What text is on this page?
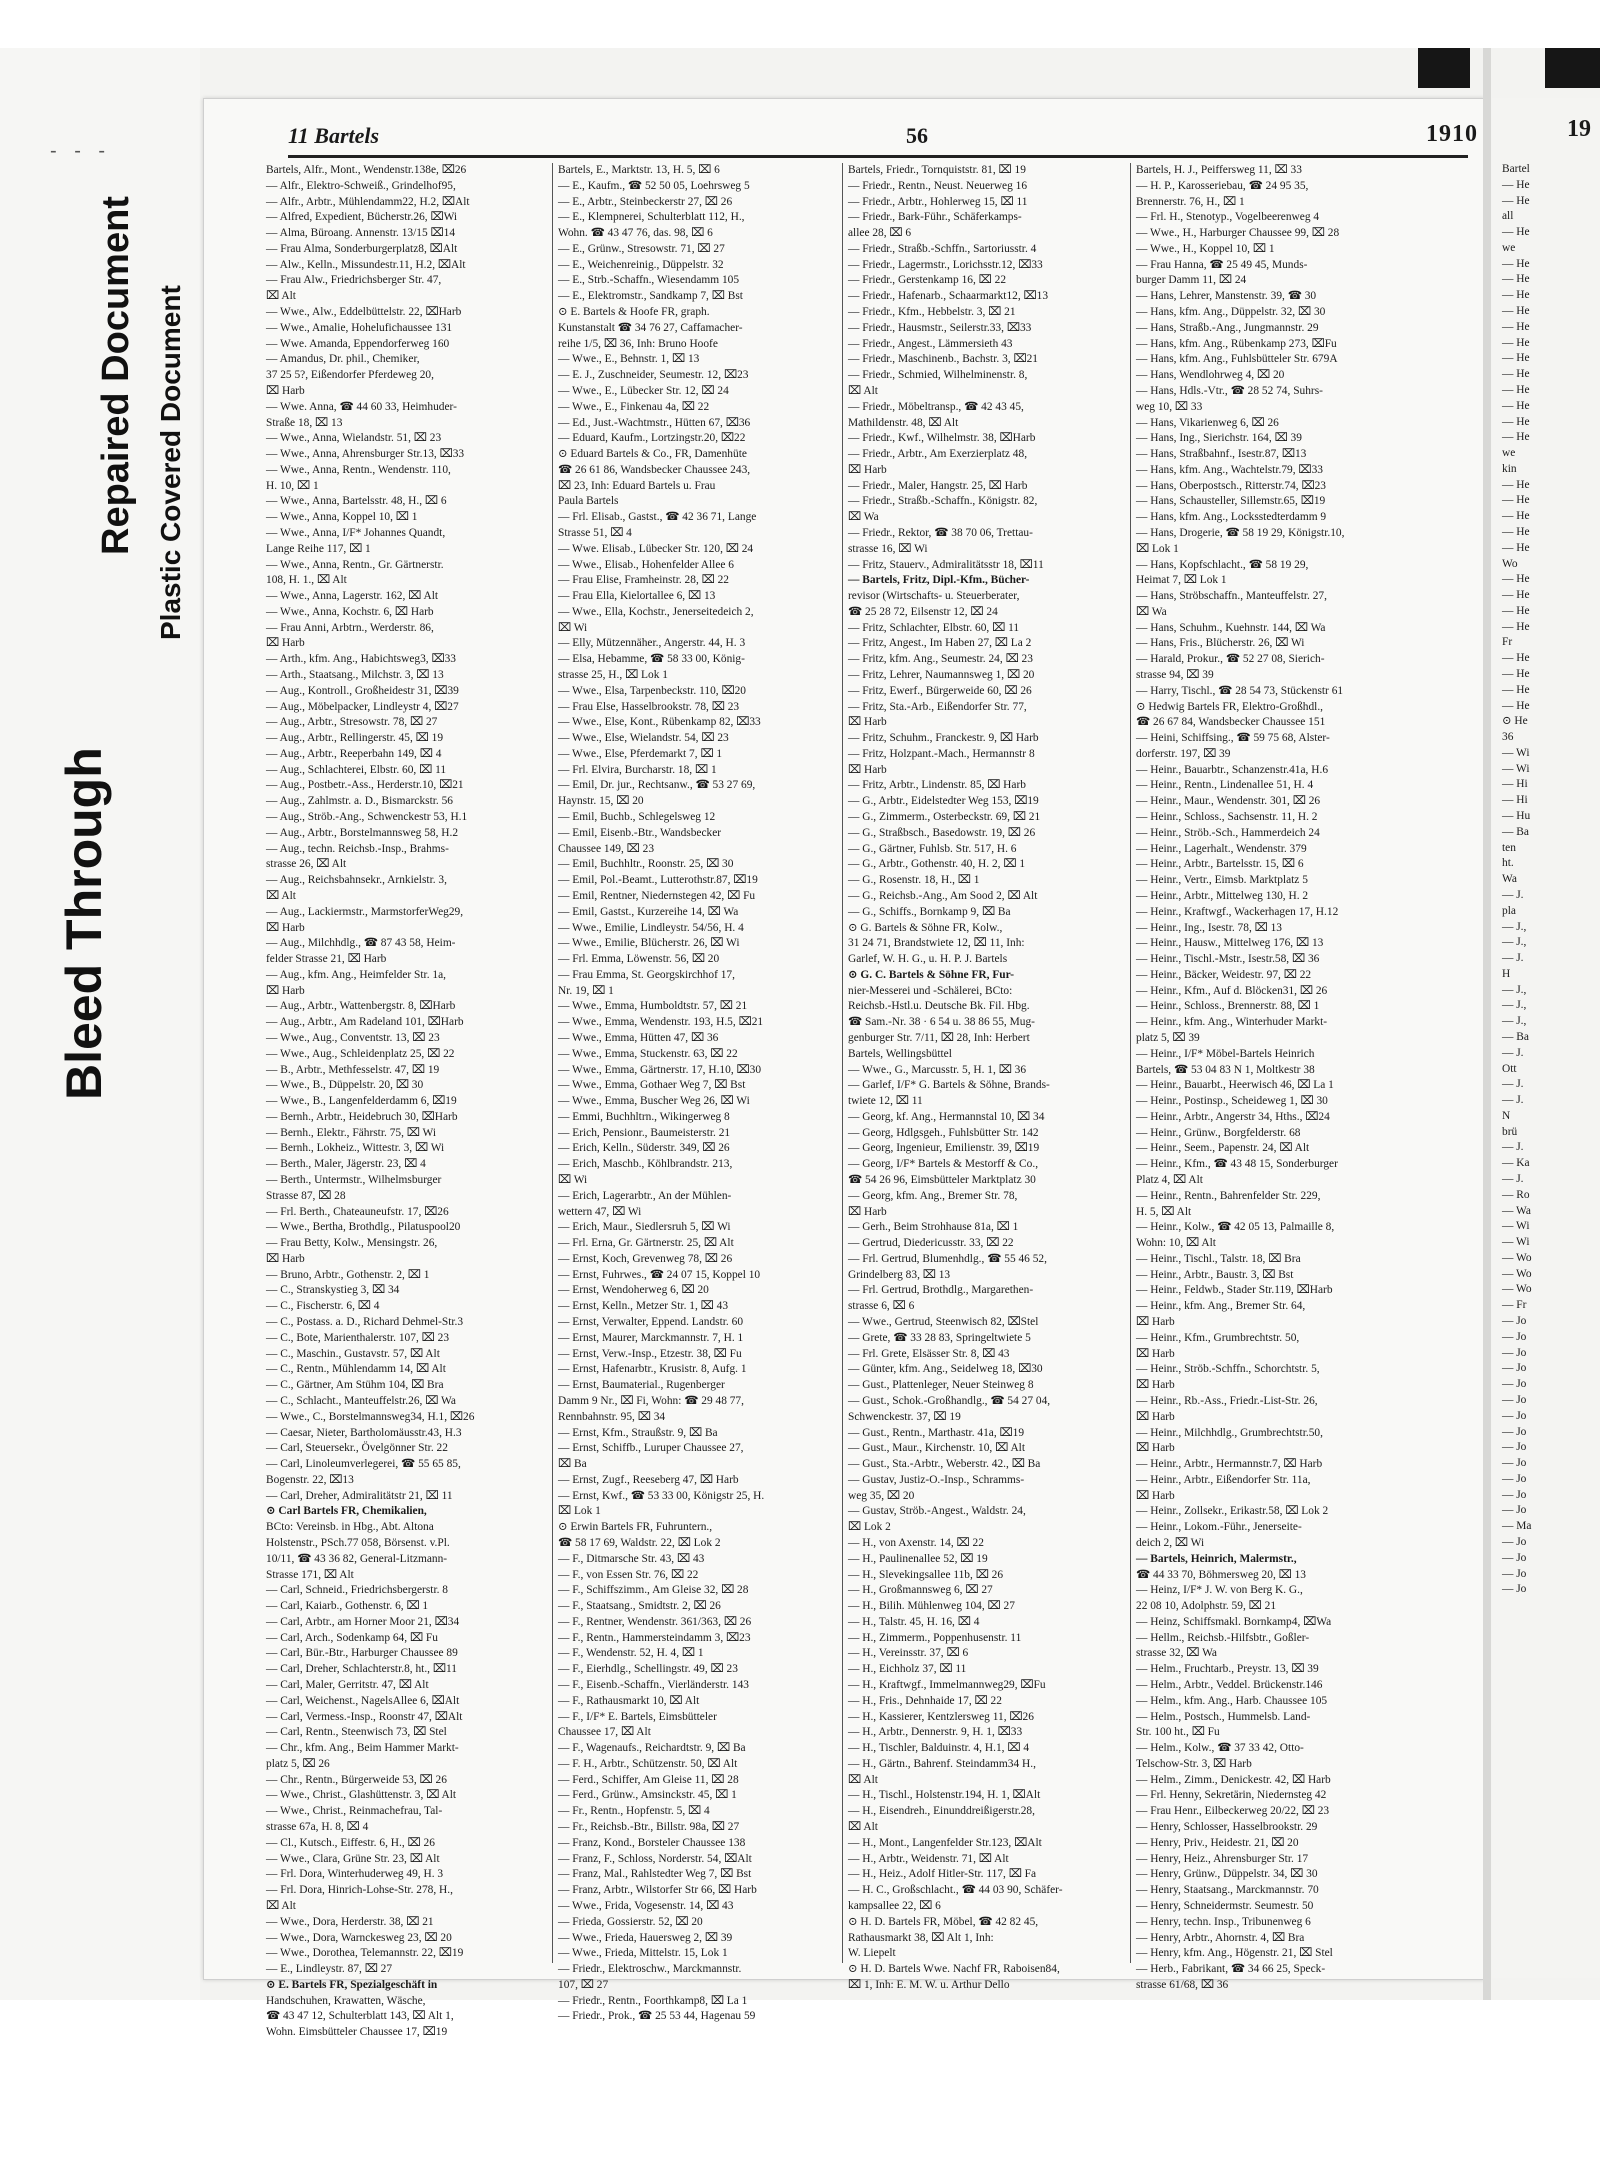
- - -
Bleed Through
Repaired Document Plastic Covered Document
11 Bartels	56	1910
Bartels, Alfr., Mont., Wendenstr.138e, ⌧26
— Alfr., Elektro-Schweiß., Grindelhof95,
— Alfr., Arbtr., Mühlendamm22, H.2, ⌧Alt
— Alfred, Expedient, Bücherstr.26, ⌧Wi
— Alma, Büroang. Annenstr. 13/15 ⌧14
— Frau Alma, Sonderburgerplatz8, ⌧Alt
— Alw., Kelln., Missundestr.11, H.2, ⌧Alt
— Frau Alw., Friedrichsberger Str. 47,
⌧ Alt
— Wwe., Alw., Eddelbüttelstr. 22, ⌧Harb
— Wwe., Amalie, Hohelufichaussee 131
— Wwe. Amanda, Eppendorferweg 160
— Amandus, Dr. phil., Chemiker,
37 25 5?, Eißendorfer Pferdeweg 20,
⌧ Harb
— Wwe. Anna, ☎ 44 60 33, Heimhuder-
Straße 18, ⌧ 13
— Wwe., Anna, Wielandstr. 51, ⌧ 23
— Wwe., Anna, Ahrensburger Str.13, ⌧33
— Wwe., Anna, Rentn., Wendenstr. 110,
H. 10, ⌧ 1
— Wwe., Anna, Bartelsstr. 48, H., ⌧ 6
— Wwe., Anna, Koppel 10, ⌧ 1
— Wwe., Anna, I/F* Johannes Quandt,
Lange Reihe 117, ⌧ 1
— Wwe., Anna, Rentn., Gr. Gärtnerstr.
108, H. 1., ⌧ Alt
— Wwe., Anna, Lagerstr. 162, ⌧ Alt
— Wwe., Anna, Kochstr. 6, ⌧ Harb
— Frau Anni, Arbtrn., Werderstr. 86,
⌧ Harb
— Arth., kfm. Ang., Habichtsweg3, ⌧33
— Arth., Staatsang., Milchstr. 3, ⌧ 13
— Aug., Kontroll., Großheidestr 31, ⌧39
— Aug., Möbelpacker, Lindleystr 4, ⌧27
— Aug., Arbtr., Stresowstr. 78, ⌧ 27
— Aug., Arbtr., Rellingerstr. 45, ⌧ 19
— Aug., Arbtr., Reeperbahn 149, ⌧ 4
— Aug., Schlachterei, Elbstr. 60, ⌧ 11
— Aug., Postbetr.-Ass., Herderstr.10, ⌧21
— Aug., Zahlmstr. a. D., Bismarckstr. 56
— Aug., Ströb.-Ang., Schwenckestr 53, H.1
— Aug., Arbtr., Borstelmannsweg 58, H.2
— Aug., techn. Reichsb.-Insp., Brahms-
strasse 26, ⌧ Alt
— Aug., Reichsbahnsekr., Arnkielstr. 3,
⌧ Alt
— Aug., Lackiermstr., MarmstorferWeg29,
⌧ Harb
— Aug., Milchhdlg., ☎ 87 43 58, Heim-
felder Strasse 21, ⌧ Harb
— Aug., kfm. Ang., Heimfelder Str. 1a,
⌧ Harb
— Aug., Arbtr., Wattenbergstr. 8, ⌧Harb
— Aug., Arbtr., Am Radeland 101, ⌧Harb
— Wwe., Aug., Conventstr. 13, ⌧ 23
— Wwe., Aug., Schleidenplatz 25, ⌧ 22
— B., Arbtr., Methfesselstr. 47, ⌧ 19
— Wwe., B., Düppelstr. 20, ⌧ 30
— Wwe., B., Langenfelderdamm 6, ⌧19
— Bernh., Arbtr., Heidebruch 30, ⌧Harb
— Bernh., Elektr., Fährstr. 75, ⌧ Wi
— Bernh., Lokheiz., Wittestr. 3, ⌧ Wi
— Berth., Maler, Jägerstr. 23, ⌧ 4
— Berth., Untermstr., Wilhelmsburger
Strasse 87, ⌧ 28
— Frl. Berth., Chateauneufstr. 17, ⌧26
— Wwe., Bertha, Brothdlg., Pilatuspool20
— Frau Betty, Kolw., Mensingstr. 26,
⌧ Harb
— Bruno, Arbtr., Gothenstr. 2, ⌧ 1
— C., Stranskystieg 3, ⌧ 34
— C., Fischerstr. 6, ⌧ 4
— C., Postass. a. D., Richard Dehmel-Str.3
— C., Bote, Marienthalerstr. 107, ⌧ 23
— C., Maschin., Gustavstr. 57, ⌧ Alt
— C., Rentn., Mühlendamm 14, ⌧ Alt
— C., Gärtner, Am Stühm 104, ⌧ Bra
— C., Schlacht., Manteuffelstr.26, ⌧ Wa
— Wwe., C., Borstelmannsweg34, H.1, ⌧26
— Caesar, Nieter, Bartholomäusstr.43, H.3
— Carl, Steuersekr., Övelgönner Str. 22
— Carl, Linoleumverlegerei, ☎ 55 65 85,
Bogenstr. 22, ⌧13
— Carl, Dreher, Admiralitätstr 21, ⌧ 11
⊙ Carl Bartels FR, Chemikalien,
BCto: Vereinsb. in Hbg., Abt. Altona
Holstenstr., PSch.77 058, Börsenst. v.Pl.
10/11, ☎ 43 36 82, General-Litzmann-
Strasse 171, ⌧ Alt
— Carl, Schneid., Friedrichsbergerstr. 8
— Carl, Kaiarb., Gothenstr. 6, ⌧ 1
— Carl, Arbtr., am Horner Moor 21, ⌧34
— Carl, Arch., Sodenkamp 64, ⌧ Fu
— Carl, Bür.-Btr., Harburger Chaussee 89
— Carl, Dreher, Schlachterstr.8, ht., ⌧11
— Carl, Maler, Gerritstr. 47, ⌧ Alt
— Carl, Weichenst., NagelsAllee 6, ⌧Alt
— Carl, Vermess.-Insp., Roonstr 47, ⌧Alt
— Carl, Rentn., Steenwisch 73, ⌧ Stel
— Chr., kfm. Ang., Beim Hammer Markt-
platz 5, ⌧ 26
— Chr., Rentn., Bürgerweide 53, ⌧ 26
— Wwe., Christ., Glashüttenstr. 3, ⌧ Alt
— Wwe., Christ., Reinmachefrau, Tal-
strasse 67a, H. 8, ⌧ 4
— Cl., Kutsch., Eiffestr. 6, H., ⌧ 26
— Wwe., Clara, Grüne Str. 23, ⌧ Alt
— Frl. Dora, Winterhuderweg 49, H. 3
— Frl. Dora, Hinrich-Lohse-Str. 278, H.,
⌧ Alt
— Wwe., Dora, Herderstr. 38, ⌧ 21
— Wwe., Dora, Warnckesweg 23, ⌧ 20
— Wwe., Dorothea, Telemannstr. 22, ⌧19
— E., Lindleystr. 87, ⌧ 27
⊙ E. Bartels FR, Spezialgeschäft in
Handschuhen, Krawatten, Wäsche,
☎ 43 47 12, Schulterblatt 143, ⌧ Alt 1,
Wohn. Eimsbütteler Chaussee 17, ⌧19
Bartels, E., Marktstr. 13, H. 5, ⌧ 6
— E., Kaufm., ☎ 52 50 05, Loehrsweg 5
— E., Arbtr., Steinbeckerstr 27, ⌧ 26
— E., Klempnerei, Schulterblatt 112, H.,
Wohn. ☎ 43 47 76, das. 98, ⌧ 6
— E., Grünw., Stresowstr. 71, ⌧ 27
— E., Weichenreinig., Düppelstr. 32
— E., Strb.-Schaffn., Wiesendamm 105
— E., Elektromstr., Sandkamp 7, ⌧ Bst
⊙ E. Bartels & Hoofe FR, graph.
Kunstanstalt ☎ 34 76 27, Caffamacher-
reihe 1/5, ⌧ 36, Inh: Bruno Hoofe
— Wwe., E., Behnstr. 1, ⌧ 13
— E. J., Zuschneider, Seumestr. 12, ⌧23
— Wwe., E., Lübecker Str. 12, ⌧ 24
— Wwe., E., Finkenau 4a, ⌧ 22
— Ed., Just.-Wachtmstr., Hütten 67, ⌧36
— Eduard, Kaufm., Lortzingstr.20, ⌧22
⊙ Eduard Bartels & Co., FR, Damenhüte
☎ 26 61 86, Wandsbecker Chaussee 243,
⌧ 23, Inh: Eduard Bartels u. Frau
Paula Bartels
— Frl. Elisab., Gastst., ☎ 42 36 71, Lange
Strasse 51, ⌧ 4
— Wwe. Elisab., Lübecker Str. 120, ⌧ 24
— Wwe., Elisab., Hohenfelder Allee 6
— Frau Elise, Framheinstr. 28, ⌧ 22
— Frau Ella, Kielortallee 6, ⌧ 13
— Wwe., Ella, Kochstr., Jenerseitedeich 2,
⌧ Wi
— Elly, Mützennäher., Angerstr. 44, H. 3
— Elsa, Hebamme, ☎ 58 33 00, König-
strasse 25, H., ⌧ Lok 1
— Wwe., Elsa, Tarpenbeckstr. 110, ⌧20
— Frau Else, Hasselbrookstr. 78, ⌧ 23
— Wwe., Else, Kont., Rübenkamp 82, ⌧33
— Wwe., Else, Wielandstr. 54, ⌧ 23
— Wwe., Else, Pferdemarkt 7, ⌧ 1
— Frl. Elvira, Burcharstr. 18, ⌧ 1
— Emil, Dr. jur., Rechtsanw., ☎ 53 27 69,
Haynstr. 15, ⌧ 20
— Emil, Buchb., Schlegelsweg 12
— Emil, Eisenb.-Btr., Wandsbecker
Chaussee 149, ⌧ 23
— Emil, Buchhltr., Roonstr. 25, ⌧ 30
— Emil, Pol.-Beamt., Lutterothstr.87, ⌧19
— Emil, Rentner, Niedernstegen 42, ⌧ Fu
— Emil, Gastst., Kurzereihe 14, ⌧ Wa
— Wwe., Emilie, Lindleystr. 54/56, H. 4
— Wwe., Emilie, Blücherstr. 26, ⌧ Wi
— Frl. Emma, Löwenstr. 56, ⌧ 20
— Frau Emma, St. Georgskirchhof 17,
Nr. 19, ⌧ 1
— Wwe., Emma, Humboldtstr. 57, ⌧ 21
— Wwe., Emma, Wendenstr. 193, H.5, ⌧21
— Wwe., Emma, Hütten 47, ⌧ 36
— Wwe., Emma, Stuckenstr. 63, ⌧ 22
— Wwe., Emma, Gärtnerstr. 17, H.10, ⌧30
— Wwe., Emma, Gothaer Weg 7, ⌧ Bst
— Wwe., Emma, Buscher Weg 26, ⌧ Wi
— Emmi, Buchhltrn., Wikingerweg 8
— Erich, Pensionr., Baumeisterstr. 21
— Erich, Kelln., Süderstr. 349, ⌧ 26
— Erich, Maschb., Köhlbrandstr. 213,
⌧ Wi
— Erich, Lagerarbtr., An der Mühlen-
wettern 47, ⌧ Wi
— Erich, Maur., Siedlersruh 5, ⌧ Wi
— Frl. Erna, Gr. Gärtnerstr. 25, ⌧ Alt
— Ernst, Koch, Grevenweg 78, ⌧ 26
— Ernst, Fuhrwes., ☎ 24 07 15, Koppel 10
— Ernst, Wendoherweg 6, ⌧ 20
— Ernst, Kelln., Metzer Str. 1, ⌧ 43
— Ernst, Verwalter, Eppend. Landstr. 60
— Ernst, Maurer, Marckmannstr. 7, H. 1
— Ernst, Verw.-Insp., Etzestr. 38, ⌧ Fu
— Ernst, Hafenarbtr., Krusistr. 8, Aufg. 1
— Ernst, Baumaterial., Rugenberger
Damm 9 Nr., ⌧ Fi, Wohn: ☎ 29 48 77,
Rennbahnstr. 95, ⌧ 34
— Ernst, Kfm., Straußstr. 9, ⌧ Ba
— Ernst, Schiffb., Luruper Chaussee 27,
⌧ Ba
— Ernst, Zugf., Reeseberg 47, ⌧ Harb
— Ernst, Kwf., ☎ 53 33 00, Königstr 25, H.
⌧ Lok 1
⊙ Erwin Bartels FR, Fuhruntern.,
☎ 58 17 69, Waldstr. 22, ⌧ Lok 2
— F., Ditmarsche Str. 43, ⌧ 43
— F., von Essen Str. 76, ⌧ 22
— F., Schiffszimm., Am Gleise 32, ⌧ 28
— F., Staatsang., Smidtstr. 2, ⌧ 26
— F., Rentner, Wendenstr. 361/363, ⌧ 26
— F., Rentn., Hammersteindamm 3, ⌧23
— F., Wendenstr. 52, H. 4, ⌧ 1
— F., Eierhdlg., Schellingstr. 49, ⌧ 23
— F., Eisenb.-Schaffn., Vierländerstr. 143
— F., Rathausmarkt 10, ⌧ Alt
— F., I/F* E. Bartels, Eimsbütteler
Chaussee 17, ⌧ Alt
— F., Wagenaufs., Reichardtstr. 9, ⌧ Ba
— F. H., Arbtr., Schützenstr. 50, ⌧ Alt
— Ferd., Schiffer, Am Gleise 11, ⌧ 28
— Ferd., Grünw., Amsinckstr. 45, ⌧ 1
— Fr., Rentn., Hopfenstr. 5, ⌧ 4
— Fr., Reichsb.-Btr., Billstr. 98a, ⌧ 27
— Franz, Kond., Borsteler Chaussee 138
— Franz, F., Schloss, Norderstr. 54, ⌧Alt
— Franz, Mal., Rahlstedter Weg 7, ⌧ Bst
— Franz, Arbtr., Wilstorfer Str 66, ⌧ Harb
— Wwe., Frida, Vogesenstr. 14, ⌧ 43
— Frieda, Gossierstr. 52, ⌧ 20
— Wwe., Frieda, Hauersweg 2, ⌧ 39
— Wwe., Frieda, Mittelstr. 15, Lok 1
— Friedr., Elektroschw., Marckmannstr.
107, ⌧ 27
— Friedr., Rentn., Foorthkamp8, ⌧ La 1
— Friedr., Prok., ☎ 25 53 44, Hagenau 59
Bartels, Friedr., Tornquiststr. 81, ⌧ 19
— Friedr., Rentn., Neust. Neuerweg 16
— Friedr., Arbtr., Hohlerweg 15, ⌧ 11
— Friedr., Bark-Führ., Schäferkamps-
allee 28, ⌧ 6
— Friedr., Straßb.-Schffn., Sartoriusstr. 4
— Friedr., Lagermstr., Lorichsstr.12, ⌧33
— Friedr., Gerstenkamp 16, ⌧ 22
— Friedr., Hafenarb., Schaarmarkt12, ⌧13
— Friedr., Kfm., Hebbelstr. 3, ⌧ 21
— Friedr., Hausmstr., Seilerstr.33, ⌧33
— Friedr., Angest., Lämmersieth 43
— Friedr., Maschinenb., Bachstr. 3, ⌧21
— Friedr., Schmied, Wilhelminenstr. 8,
⌧ Alt
— Friedr., Möbeltransp., ☎ 42 43 45,
Mathildenstr. 48, ⌧ Alt
— Friedr., Kwf., Wilhelmstr. 38, ⌧Harb
— Friedr., Arbtr., Am Exerzierplatz 48,
⌧ Harb
— Friedr., Maler, Hangstr. 25, ⌧ Harb
— Friedr., Straßb.-Schaffn., Königstr. 82,
⌧ Wa
— Friedr., Rektor, ☎ 38 70 06, Trettau-
strasse 16, ⌧ Wi
— Fritz, Stauerv., Admiralitätsstr 18, ⌧11
— Bartels, Fritz, Dipl.-Kfm., Bücher-
revisor (Wirtschafts- u. Steuerberater,
☎ 25 28 72, Eilsenstr 12, ⌧ 24
— Fritz, Schlachter, Elbstr. 60, ⌧ 11
— Fritz, Angest., Im Haben 27, ⌧ La 2
— Fritz, kfm. Ang., Seumestr. 24, ⌧ 23
— Fritz, Lehrer, Naumannsweg 1, ⌧ 20
— Fritz, Ewerf., Bürgerweide 60, ⌧ 26
— Fritz, Sta.-Arb., Eißendorfer Str. 77,
⌧ Harb
— Fritz, Schuhm., Franckestr. 9, ⌧ Harb
— Fritz, Holzpant.-Mach., Hermannstr 8
⌧ Harb
— Fritz, Arbtr., Lindenstr. 85, ⌧ Harb
— G., Arbtr., Eidelstedter Weg 153, ⌧19
— G., Zimmerm., Osterbeckstr. 69, ⌧ 21
— G., Straßbsch., Basedowstr. 19, ⌧ 26
— G., Gärtner, Fuhlsb. Str. 517, H. 6
— G., Arbtr., Gothenstr. 40, H. 2, ⌧ 1
— G., Rosenstr. 18, H., ⌧ 1
— G., Reichsb.-Ang., Am Sood 2, ⌧ Alt
— G., Schiffs., Bornkamp 9, ⌧ Ba
⊙ G. Bartels & Söhne FR, Kolw.,
31 24 71, Brandstwiete 12, ⌧ 11, Inh:
Garlef, W. H. G., u. H. P. J. Bartels
⊙ G. C. Bartels & Söhne FR, Fur-
nier-Messerei und -Schälerei, BCto:
Reichsb.-Hstl.u. Deutsche Bk. Fil. Hbg.
☎ Sam.-Nr. 38 · 6 54 u. 38 86 55, Mug-
genburger Str. 7/11, ⌧ 28, Inh: Herbert
Bartels, Wellingsbüttel
— Wwe., G., Marcusstr. 5, H. 1, ⌧ 36
— Garlef, I/F* G. Bartels & Söhne, Brands-
twiete 12, ⌧ 11
— Georg, kf. Ang., Hermannstal 10, ⌧ 34
— Georg, Hdlgsgeh., Fuhlsbütter Str. 142
— Georg, Ingenieur, Emilienstr. 39, ⌧19
— Georg, I/F* Bartels & Mestorff & Co.,
☎ 54 26 96, Eimsbütteler Marktplatz 30
— Georg, kfm. Ang., Bremer Str. 78,
⌧ Harb
— Gerh., Beim Strohhause 81a, ⌧ 1
— Gertrud, Diedericusstr. 33, ⌧ 22
— Frl. Gertrud, Blumenhdlg., ☎ 55 46 52,
Grindelberg 83, ⌧ 13
— Frl. Gertrud, Brothdlg., Margarethen-
strasse 6, ⌧ 6
— Wwe., Gertrud, Steenwisch 82, ⌧Stel
— Grete, ☎ 33 28 83, Springeltwiete 5
— Frl. Grete, Elsässer Str. 8, ⌧ 43
— Günter, kfm. Ang., Seidelweg 18, ⌧30
— Gust., Plattenleger, Neuer Steinweg 8
— Gust., Schok.-Großhandlg., ☎ 54 27 04,
Schwenckestr. 37, ⌧ 19
— Gust., Rentn., Marthastr. 41a, ⌧19
— Gust., Maur., Kirchenstr. 10, ⌧ Alt
— Gust., Sta.-Arbtr., Weberstr. 42., ⌧ Ba
— Gustav, Justiz-O.-Insp., Schramms-
weg 35, ⌧ 20
— Gustav, Ströb.-Angest., Waldstr. 24,
⌧ Lok 2
— H., von Axenstr. 14, ⌧ 22
— H., Paulinenallee 52, ⌧ 19
— H., Slevekingsallee 11b, ⌧ 26
— H., Großmannsweg 6, ⌧ 27
— H., Bilih. Mühlenweg 104, ⌧ 27
— H., Talstr. 45, H. 16, ⌧ 4
— H., Zimmerm., Poppenhusenstr. 11
— H., Vereinsstr. 37, ⌧ 6
— H., Eichholz 37, ⌧ 11
— H., Kraftwgf., Immelmannweg29, ⌧Fu
— H., Fris., Dehnhaide 17, ⌧ 22
— H., Kassierer, Kentzlersweg 11, ⌧26
— H., Arbtr., Dennerstr. 9, H. 1, ⌧33
— H., Tischler, Balduinstr. 4, H.1, ⌧ 4
— H., Gärtn., Bahrenf. Steindamm34 H.,
⌧ Alt
— H., Tischl., Holstenstr.194, H. 1, ⌧Alt
— H., Eisendreh., Einunddreißigerstr.28,
⌧ Alt
— H., Mont., Langenfelder Str.123, ⌧Alt
— H., Arbtr., Weidenstr. 71, ⌧ Alt
— H., Heiz., Adolf Hitler-Str. 117, ⌧ Fa
— H. C., Großschlacht., ☎ 44 03 90, Schäfer-
kampsallee 22, ⌧ 6
⊙ H. D. Bartels FR, Möbel, ☎ 42 82 45,
Rathausmarkt 38, ⌧ Alt 1, Inh:
W. Liepelt
⊙ H. D. Bartels Wwe. Nachf FR, Raboisen84,
⌧ 1, Inh: E. M. W. u. Arthur Dello
Bartels, H. J., Peiffersweg 11, ⌧ 33
— H. P., Karosseriebau, ☎ 24 95 35,
Brennerstr. 76, H., ⌧ 1
— Frl. H., Stenotyp., Vogelbeerenweg 4
— Wwe., H., Harburger Chaussee 99, ⌧ 28
— Wwe., H., Koppel 10, ⌧ 1
— Frau Hanna, ☎ 25 49 45, Munds-
burger Damm 11, ⌧ 24
— Hans, Lehrer, Manstenstr. 39, ☎ 30
— Hans, kfm. Ang., Düppelstr. 32, ⌧ 30
— Hans, Straßb.-Ang., Jungmannstr. 29
— Hans, kfm. Ang., Rübenkamp 273, ⌧Fu
— Hans, kfm. Ang., Fuhlsbütteler Str. 679A
— Hans, Wendlohrweg 4, ⌧ 20
— Hans, Hdls.-Vtr., ☎ 28 52 74, Suhrs-
weg 10, ⌧ 33
— Hans, Vikarienweg 6, ⌧ 26
— Hans, Ing., Sierichstr. 164, ⌧ 39
— Hans, Straßbahnf., Isestr.87, ⌧13
— Hans, kfm. Ang., Wachtelstr.79, ⌧33
— Hans, Oberpostsch., Ritterstr.74, ⌧23
— Hans, Schausteller, Sillemstr.65, ⌧19
— Hans, kfm. Ang., Locksstedterdamm 9
— Hans, Drogerie, ☎ 58 19 29, Königstr.10,
⌧ Lok 1
— Hans, Kopfschlacht., ☎ 58 19 29,
Heimat 7, ⌧ Lok 1
— Hans, Ströbschaffn., Manteuffelstr. 27,
⌧ Wa
— Hans, Schuhm., Kuehnstr. 144, ⌧ Wa
— Hans, Fris., Blücherstr. 26, ⌧ Wi
— Harald, Prokur., ☎ 52 27 08, Sierich-
strasse 94, ⌧ 39
— Harry, Tischl., ☎ 28 54 73, Stückenstr 61
⊙ Hedwig Bartels FR, Elektro-Großhdl.,
☎ 26 67 84, Wandsbecker Chaussee 151
— Heini, Schiffsing., ☎ 59 75 68, Alster-
dorferstr. 197, ⌧ 39
— Heinr., Bauarbtr., Schanzenstr.41a, H.6
— Heinr., Rentn., Lindenallee 51, H. 4
— Heinr., Maur., Wendenstr. 301, ⌧ 26
— Heinr., Schloss., Sachsenstr. 11, H. 2
— Heinr., Ströb.-Sch., Hammerdeich 24
— Heinr., Lagerhalt., Wendenstr. 379
— Heinr., Arbtr., Bartelsstr. 15, ⌧ 6
— Heinr., Vertr., Eimsb. Marktplatz 5
— Heinr., Arbtr., Mittelweg 130, H. 2
— Heinr., Kraftwgf., Wackerhagen 17, H.12
— Heinr., Ing., Isestr. 78, ⌧ 13
— Heinr., Hausw., Mittelweg 176, ⌧ 13
— Heinr., Tischl.-Mstr., Isestr.58, ⌧ 36
— Heinr., Bäcker, Weidestr. 97, ⌧ 22
— Heinr., Kfm., Auf d. Blöcken31, ⌧ 26
— Heinr., Schloss., Brennerstr. 88, ⌧ 1
— Heinr., kfm. Ang., Winterhuder Markt-
platz 5, ⌧ 39
— Heinr., I/F* Möbel-Bartels Heinrich
Bartels, ☎ 53 04 83 N 1, Moltkestr 38
— Heinr., Bauarbt., Heerwisch 46, ⌧ La 1
— Heinr., Postinsp., Scheideweg 1, ⌧ 30
— Heinr., Arbtr., Angerstr 34, Hths., ⌧24
— Heinr., Grünw., Borgfelderstr. 68
— Heinr., Seem., Papenstr. 24, ⌧ Alt
— Heinr., Kfm., ☎ 43 48 15, Sonderburger
Platz 4, ⌧ Alt
— Heinr., Rentn., Bahrenfelder Str. 229,
H. 5, ⌧ Alt
— Heinr., Kolw., ☎ 42 05 13, Palmaille 8,
Wohn: 10, ⌧ Alt
— Heinr., Tischl., Talstr. 18, ⌧ Bra
— Heinr., Arbtr., Baustr. 3, ⌧ Bst
— Heinr., Feldwb., Stader Str.119, ⌧Harb
— Heinr., kfm. Ang., Bremer Str. 64,
⌧ Harb
— Heinr., Kfm., Grumbrechtstr. 50,
⌧ Harb
— Heinr., Ströb.-Schffn., Schorchtstr. 5,
⌧ Harb
— Heinr., Rb.-Ass., Friedr.-List-Str. 26,
⌧ Harb
— Heinr., Milchhdlg., Grumbrechtstr.50,
⌧ Harb
— Heinr., Arbtr., Hermannstr.7, ⌧ Harb
— Heinr., Arbtr., Eißendorfer Str. 11a,
⌧ Harb
— Heinr., Zollsekr., Erikastr.58, ⌧ Lok 2
— Heinr., Lokom.-Führ., Jenerseite-
deich 2, ⌧ Wi
— Bartels, Heinrich, Malermstr.,
☎ 44 33 70, Böhmersweg 20, ⌧ 13
— Heinz, I/F* J. W. von Berg K. G.,
22 08 10, Adolphstr. 59, ⌧ 21
— Heinz, Schiffsmakl. Bornkamp4, ⌧Wa
— Hellm., Reichsb.-Hilfsbtr., Goßler-
strasse 32, ⌧ Wa
— Helm., Fruchtarb., Preystr. 13, ⌧ 39
— Helm., Arbtr., Veddel. Brückenstr.146
— Helm., kfm. Ang., Harb. Chaussee 105
— Helm., Postsch., Hummelsb. Land-
Str. 100 ht., ⌧ Fu
— Helm., Kolw., ☎ 37 33 42, Otto-
Telschow-Str. 3, ⌧ Harb
— Helm., Zimm., Denickestr. 42, ⌧ Harb
— Frl. Henny, Sekretärin, Niedernsteg 42
— Frau Henr., Eilbeckerweg 20/22, ⌧ 23
— Henry, Schlosser, Hasselbrookstr. 29
— Henry, Priv., Heidestr. 21, ⌧ 20
— Henry, Heiz., Ahrensburger Str. 17
— Henry, Grünw., Düppelstr. 34, ⌧ 30
— Henry, Staatsang., Marckmannstr. 70
— Henry, Schneidermstr. Seumestr. 50
— Henry, techn. Insp., Tribunenweg 6
— Henry, Arbtr., Ahornstr. 4, ⌧ Bra
— Henry, kfm. Ang., Högenstr. 21, ⌧ Stel
— Herb., Fabrikant, ☎ 34 66 25, Speck-
strasse 61/68, ⌧ 36
19
Bartel
— He
— He
all
— He
we
— He
— He
— He
— He
— He
— He
— He
— He
— He
— He
— He
— He
we
kin
— He
— He
— He
— He
— He
Wo
— He
— He
— He
— He
Fr
— He
— He
— He
— He
⊙ He
36
— Wi
— Wi
— Hi
— Hi
— Hu
— Ba
ten
ht.
Wa
— J.
pla
— J.,
— J.,
— J.
H
— J.,
— J.,
— J.,
— Ba
— J.
Ott
— J.
— J.
N
brü
— J.
— Ka
— J.
— Ro
— Wa
— Wi
— Wi
— Wo
— Wo
— Wo
— Fr
— Jo
— Jo
— Jo
— Jo
— Jo
— Jo
— Jo
— Jo
— Jo
— Jo
— Jo
— Jo
— Jo
— Ma
— Jo
— Jo
— Jo
— Jo
